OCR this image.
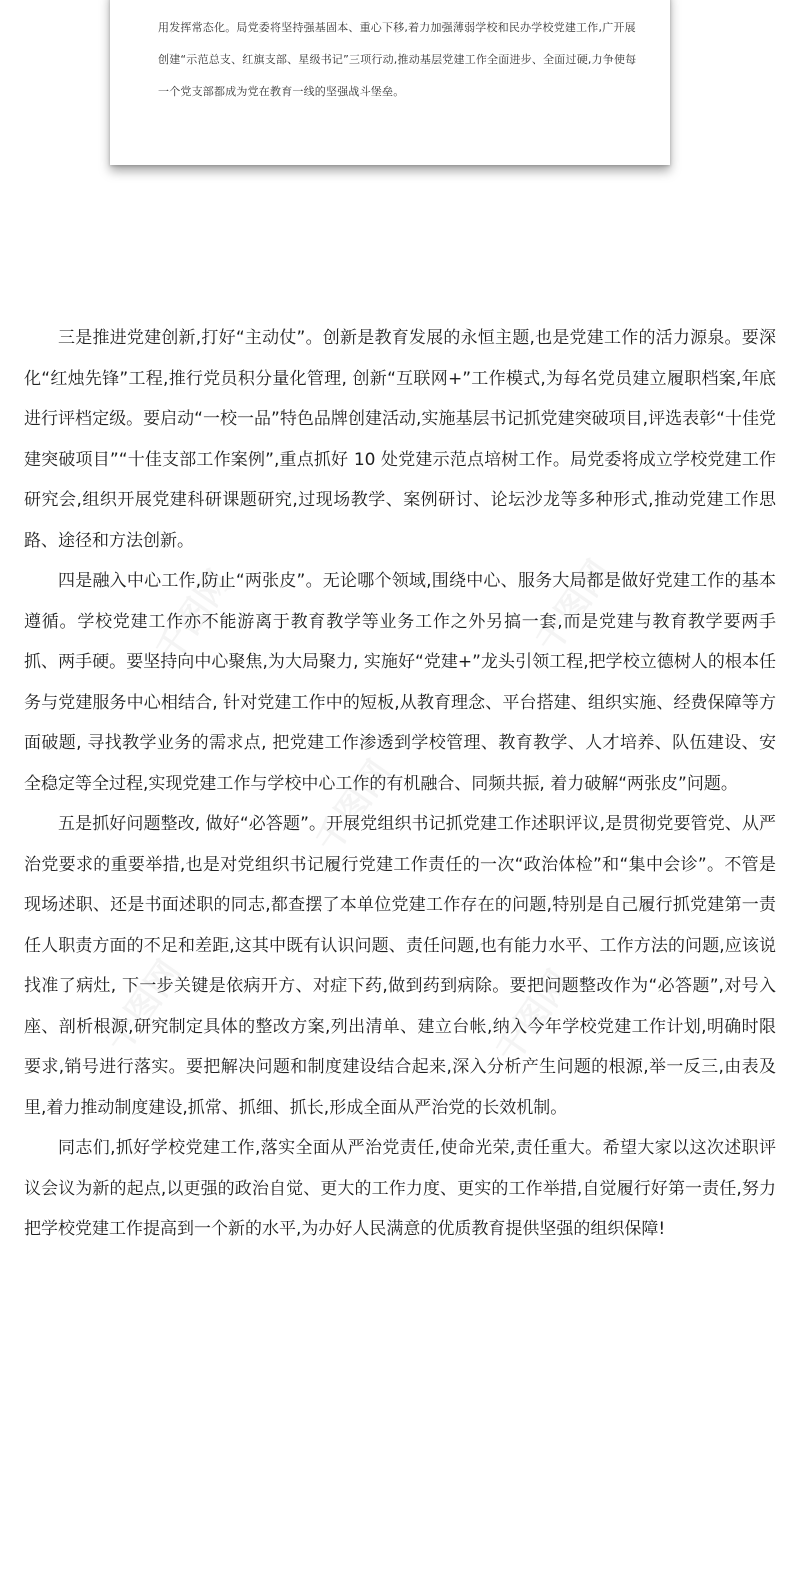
用发挥常态化。局党委将坚持强基固本、重心下移,着力加强薄弱学校和民办学校党建工作,广开展创建“示范总支、红旗支部、星级书记”三项行动,推动基层党建工作全面进步、全面过硬,力争使每一个党支部都成为党在教育一线的坚强战斗堡垒。

千图网	千图网
千图网
千图网	千图网

三是推进党建创新,打好“主动仗”。创新是教育发展的永恒主题,也是党建工作的活力源泉。要深化“红烛先锋”工程,推行党员积分量化管理, 创新“互联网+”工作模式,为每名党员建立履职档案,年底进行评档定级。要启动“一校一品”特色品牌创建活动,实施基层书记抓党建突破项目,评选表彰“十佳党建突破项目”“十佳支部工作案例”,重点抓好 10 处党建示范点培树工作。局党委将成立学校党建工作研究会,组织开展党建科研课题研究,过现场教学、案例研讨、论坛沙龙等多种形式,推动党建工作思路、途径和方法创新。

四是融入中心工作,防止“两张皮”。无论哪个领域,围绕中心、服务大局都是做好党建工作的基本遵循。学校党建工作亦不能游离于教育教学等业务工作之外另搞一套,而是党建与教育教学要两手抓、两手硬。要坚持向中心聚焦,为大局聚力, 实施好“党建+”龙头引领工程,把学校立德树人的根本任务与党建服务中心相结合, 针对党建工作中的短板,从教育理念、平台搭建、组织实施、经费保障等方面破题, 寻找教学业务的需求点, 把党建工作渗透到学校管理、教育教学、人才培养、队伍建设、安全稳定等全过程,实现党建工作与学校中心工作的有机融合、同频共振, 着力破解“两张皮”问题。

五是抓好问题整改, 做好“必答题”。开展党组织书记抓党建工作述职评议,是贯彻党要管党、从严治党要求的重要举措,也是对党组织书记履行党建工作责任的一次“政治体检”和“集中会诊”。不管是现场述职、还是书面述职的同志,都查摆了本单位党建工作存在的问题,特别是自己履行抓党建第一责任人职责方面的不足和差距,这其中既有认识问题、责任问题,也有能力水平、工作方法的问题,应该说找准了病灶, 下一步关键是依病开方、对症下药,做到药到病除。要把问题整改作为“必答题”,对号入座、剖析根源,研究制定具体的整改方案,列出清单、建立台帐,纳入今年学校党建工作计划,明确时限要求,销号进行落实。要把解决问题和制度建设结合起来,深入分析产生问题的根源,举一反三,由表及里,着力推动制度建设,抓常、抓细、抓长,形成全面从严治党的长效机制。

同志们,抓好学校党建工作,落实全面从严治党责任,使命光荣,责任重大。希望大家以这次述职评议会议为新的起点,以更强的政治自觉、更大的工作力度、更实的工作举措,自觉履行好第一责任,努力把学校党建工作提高到一个新的水平,为办好人民满意的优质教育提供坚强的组织保障!
